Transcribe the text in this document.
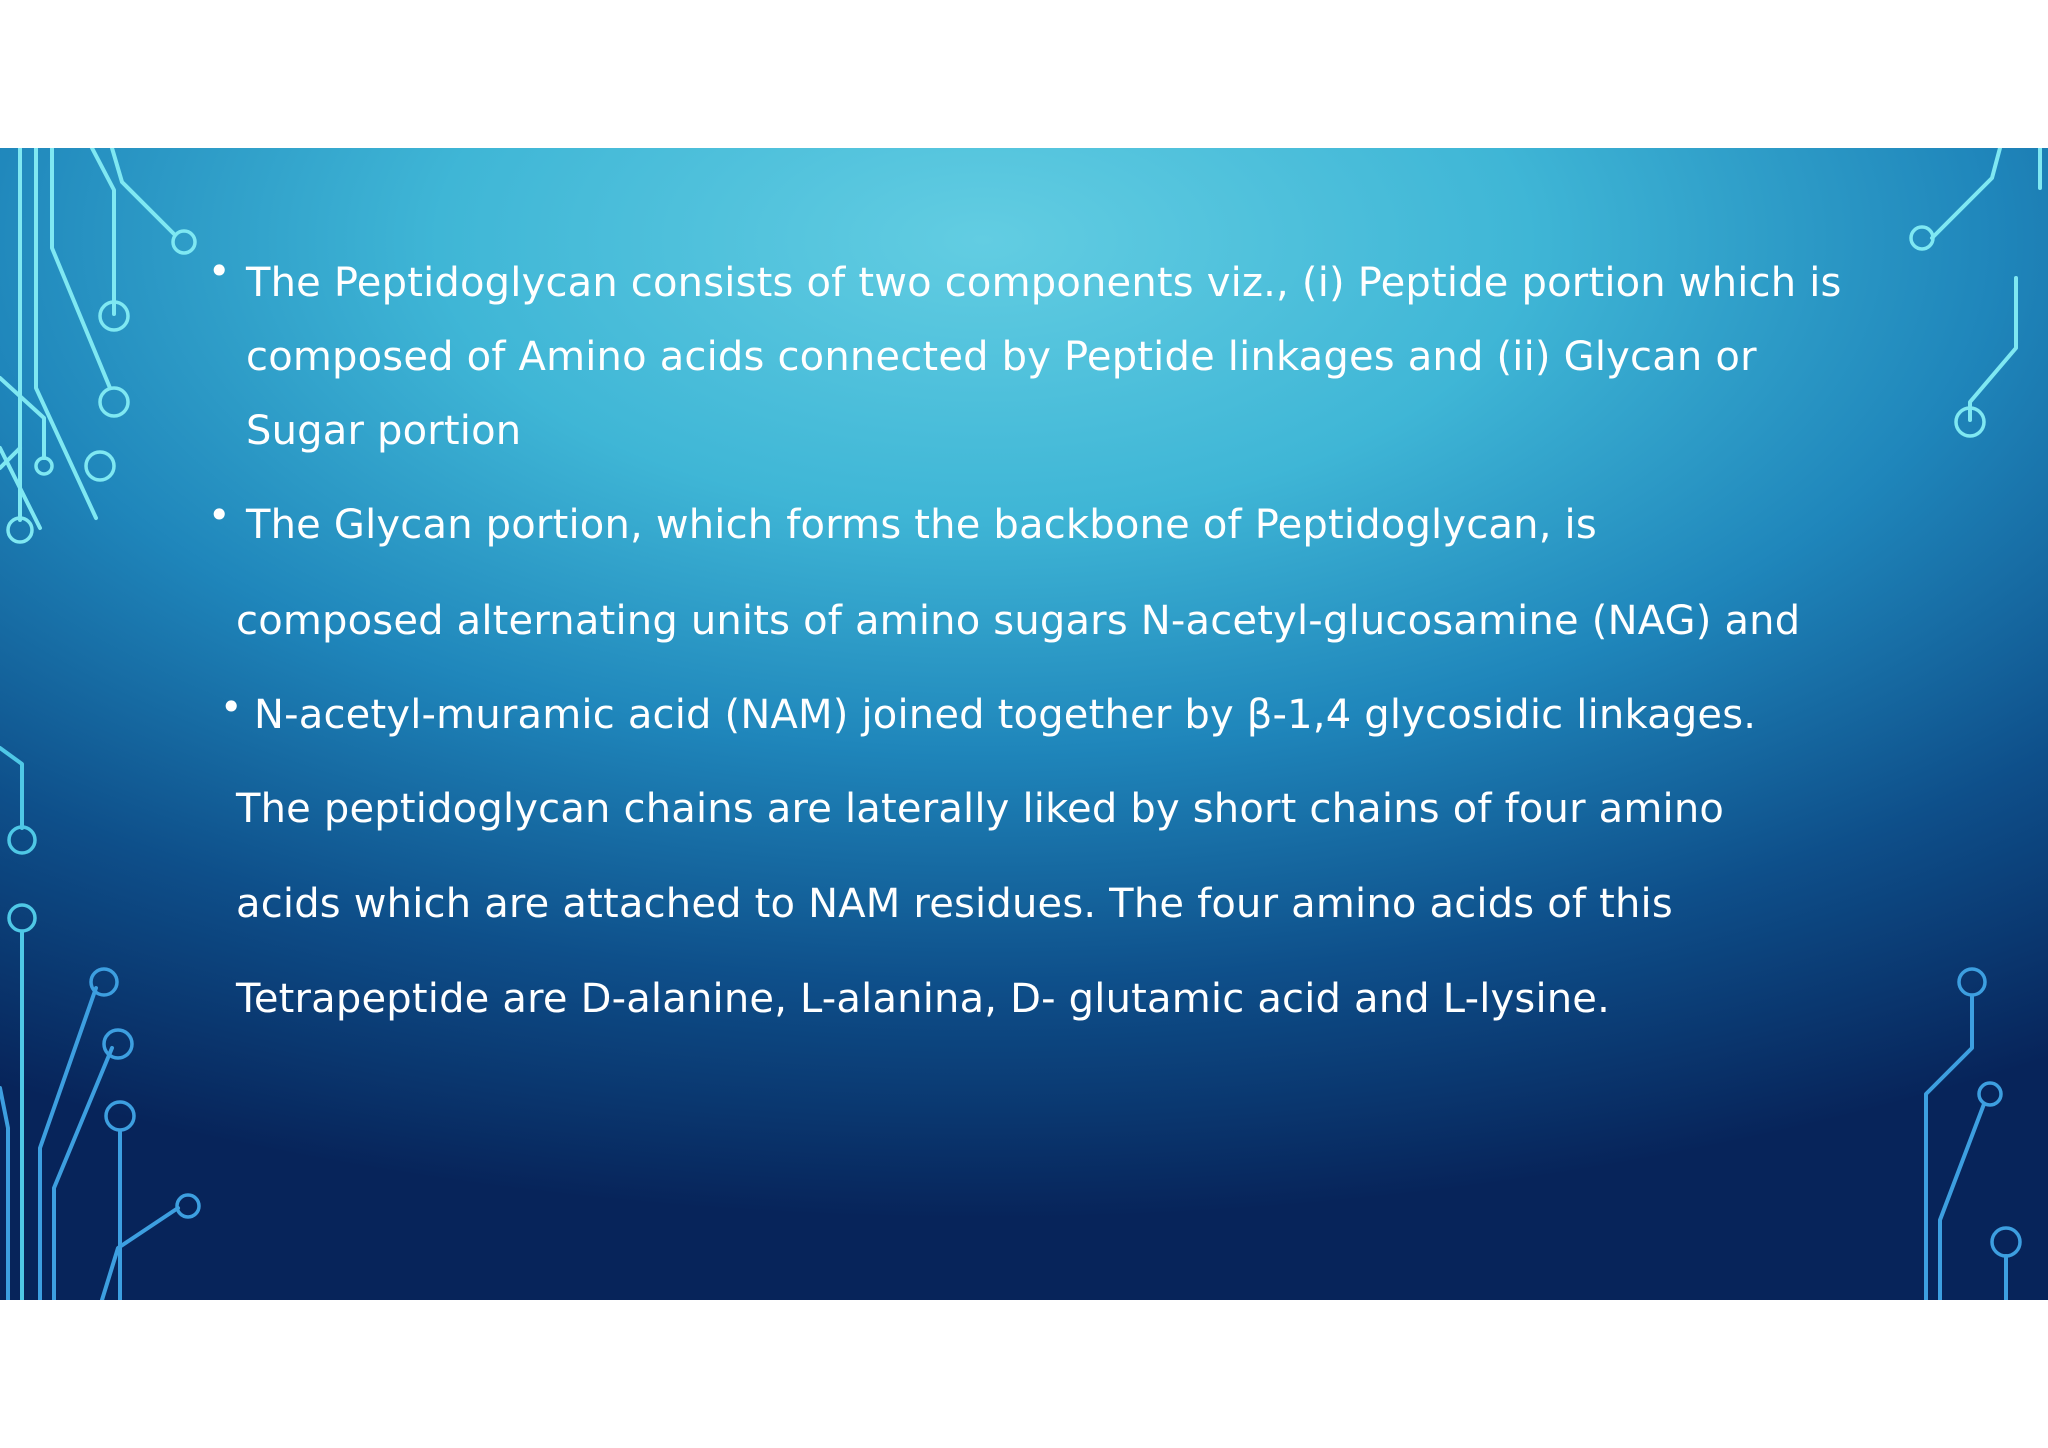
• The Peptidoglycan consists of two components viz., (i) Peptide portion which is
composed of Amino acids connected by Peptide linkages and (ii) Glycan or
Sugar portion
• The Glycan portion, which forms the backbone of Peptidoglycan, is
composed alternating units of amino sugars N-acetyl-glucosamine (NAG) and
• N-acetyl-muramic acid (NAM) joined together by β-1,4 glycosidic linkages.
The peptidoglycan chains are laterally liked by short chains of four amino
acids which are attached to NAM residues. The four amino acids of this
Tetrapeptide are D-alanine, L-alanina, D- glutamic acid and L-lysine.
